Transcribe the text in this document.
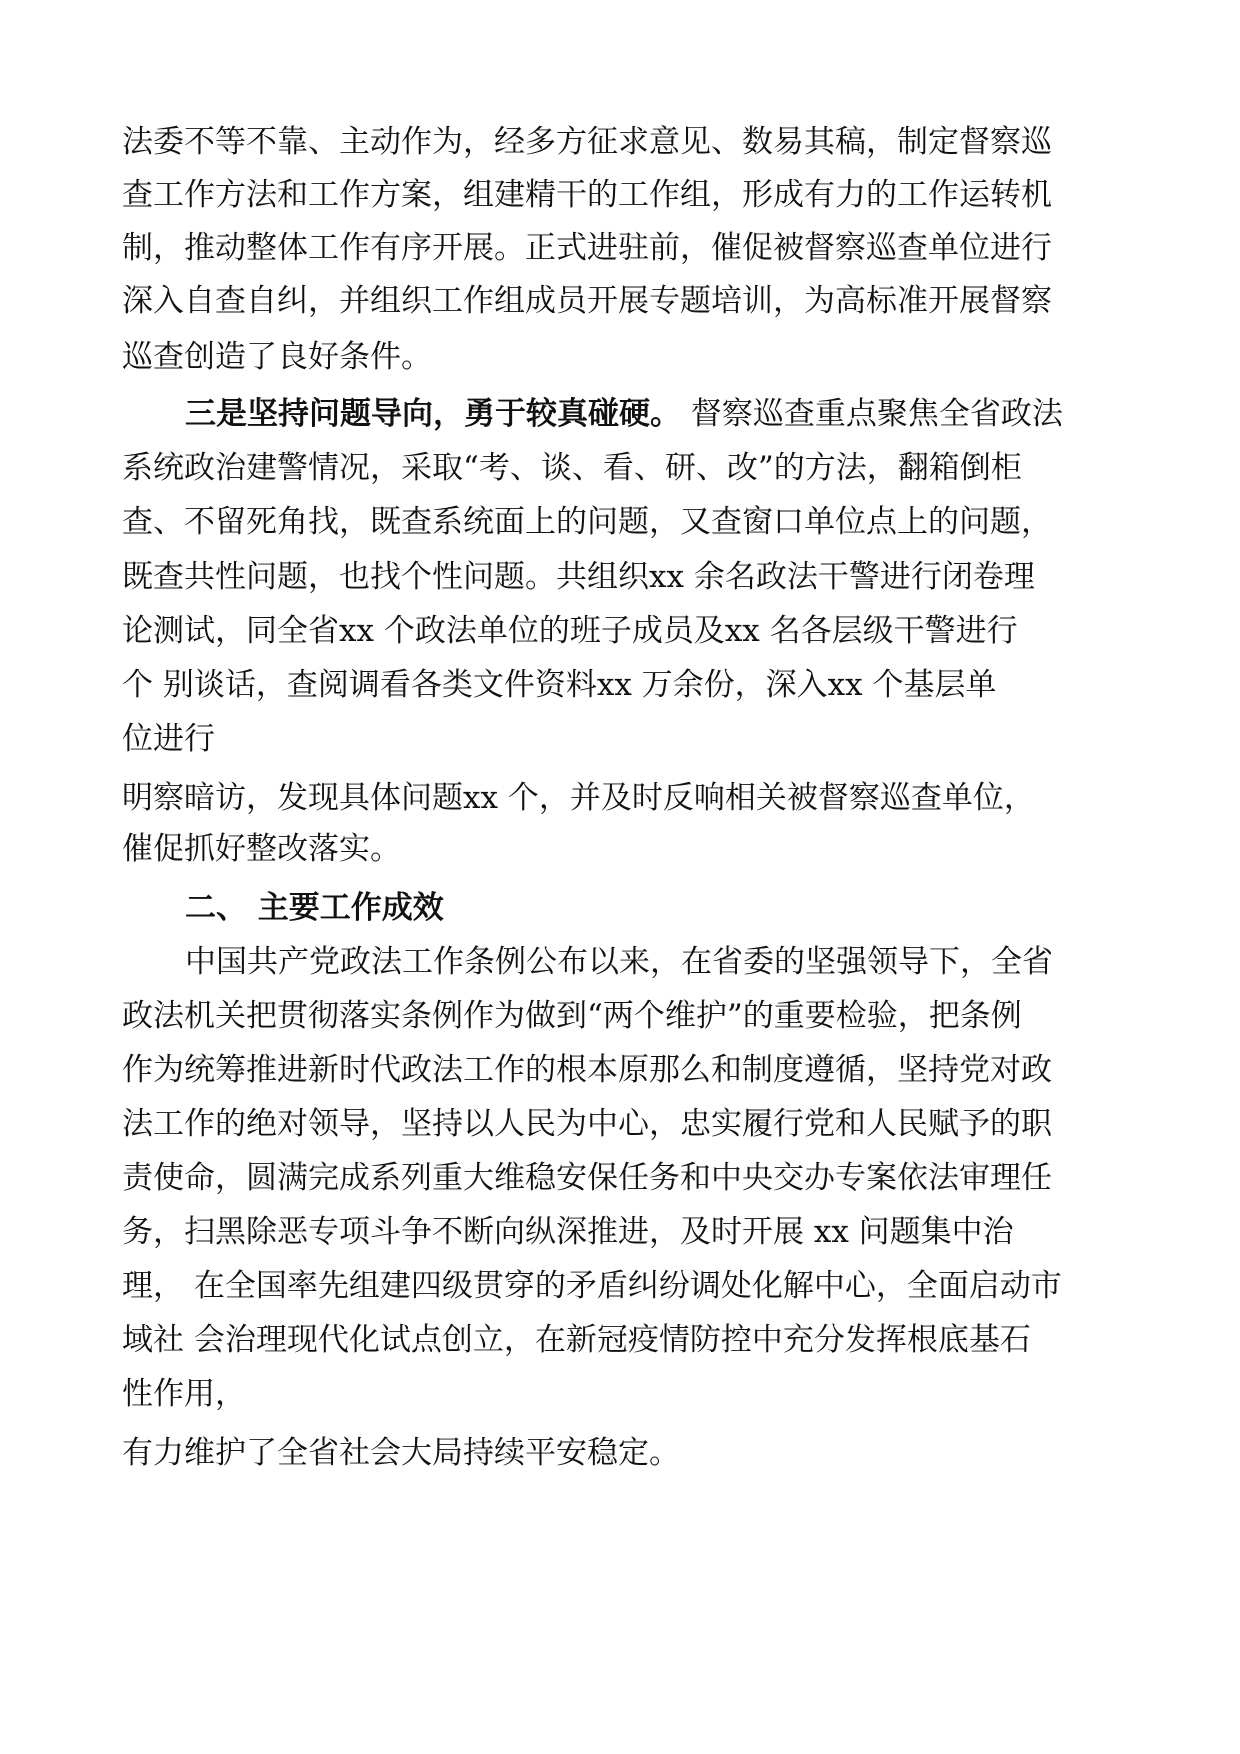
法委不等不靠、主动作为，经多方征求意见、数易其稿，制定督察巡
查工作方法和工作方案，组建精干的工作组，形成有力的工作运转机
制，推动整体工作有序开展。正式进驻前，催促被督察巡查单位进行
深入自查自纠，并组织工作组成员开展专题培训，为高标准开展督察
巡查创造了良好条件。
三是坚持问题导向，勇于较真碰硬。 督察巡查重点聚焦全省政法
系统政治建警情况，采取“考、谈、看、研、改”的方法，翻箱倒柜
查、不留死角找，既查系统面上的问题，又查窗口单位点上的问题，
既查共性问题，也找个性问题。共组织xx 余名政法干警进行闭卷理
论测试，同全省xx 个政法单位的班子成员及xx 名各层级干警进行
个 别谈话，查阅调看各类文件资料xx 万余份，深入xx 个基层单
位进行
明察暗访，发现具体问题xx 个，并及时反响相关被督察巡查单位，
催促抓好整改落实。
二、 主要工作成效
中国共产党政法工作条例公布以来，在省委的坚强领导下，全省
政法机关把贯彻落实条例作为做到“两个维护”的重要检验，把条例
作为统筹推进新时代政法工作的根本原那么和制度遵循，坚持党对政
法工作的绝对领导，坚持以人民为中心，忠实履行党和人民赋予的职
责使命，圆满完成系列重大维稳安保任务和中央交办专案依法审理任
务，扫黑除恶专项斗争不断向纵深推进，及时开展 xx 问题集中治
理， 在全国率先组建四级贯穿的矛盾纠纷调处化解中心，全面启动市
域社 会治理现代化试点创立，在新冠疫情防控中充分发挥根底基石
性作用，
有力维护了全省社会大局持续平安稳定。
